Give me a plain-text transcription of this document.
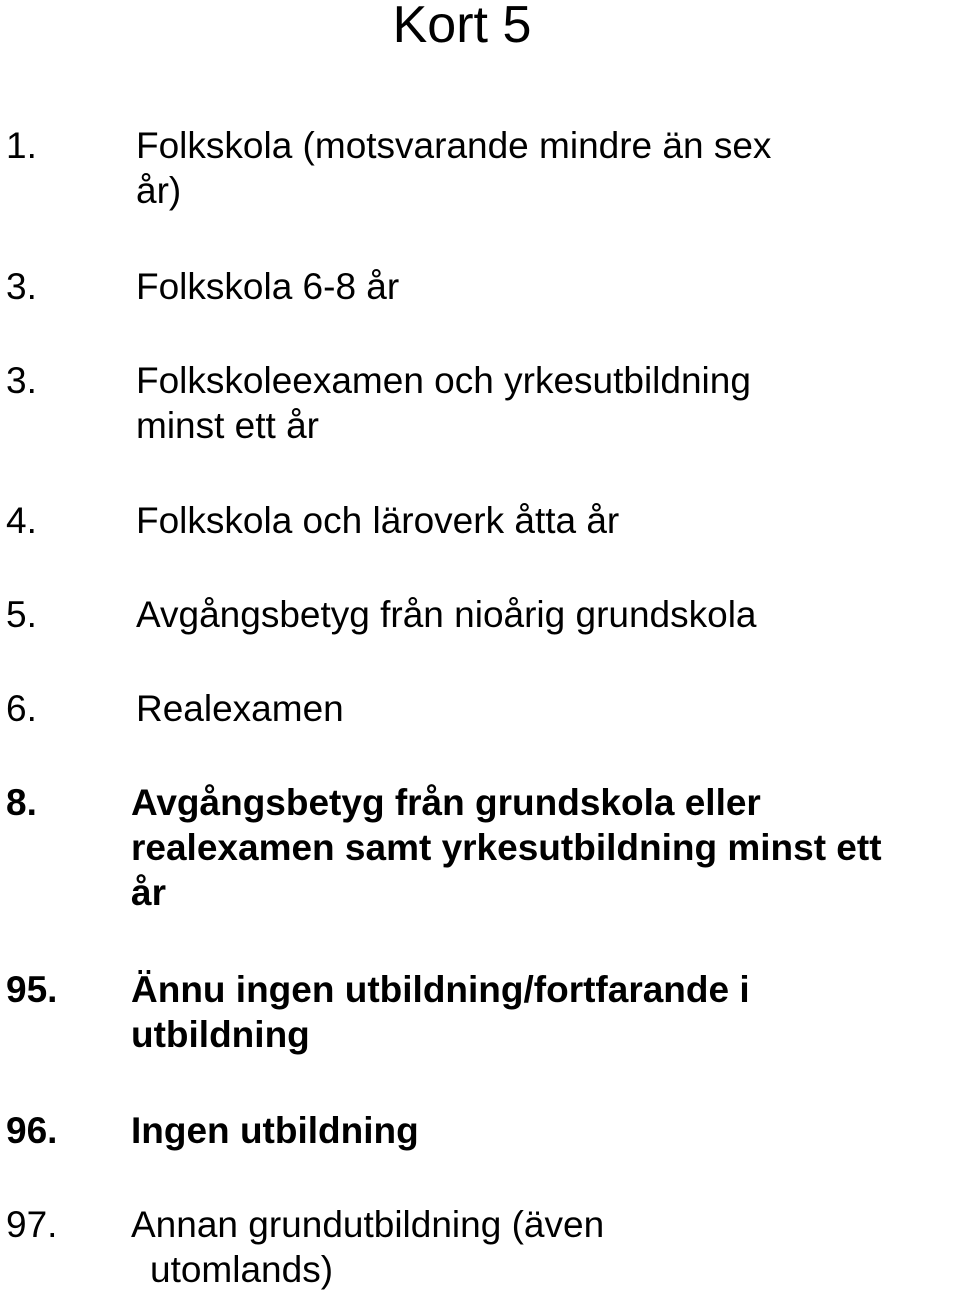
Kort 5
1.	Folkskola (motsvarande mindre än sex
år)
3.	Folkskola 6-8 år
3.	Folkskoleexamen och yrkesutbildning
minst ett år
4.	Folkskola och läroverk åtta år
5.	Avgångsbetyg från nioårig grundskola
6.	Realexamen
8.	Avgångsbetyg från grundskola eller
realexamen samt yrkesutbildning minst ett
år
95. Ännu ingen utbildning/fortfarande i
utbildning
96. Ingen utbildning
97. Annan grundutbildning (även
utomlands)
